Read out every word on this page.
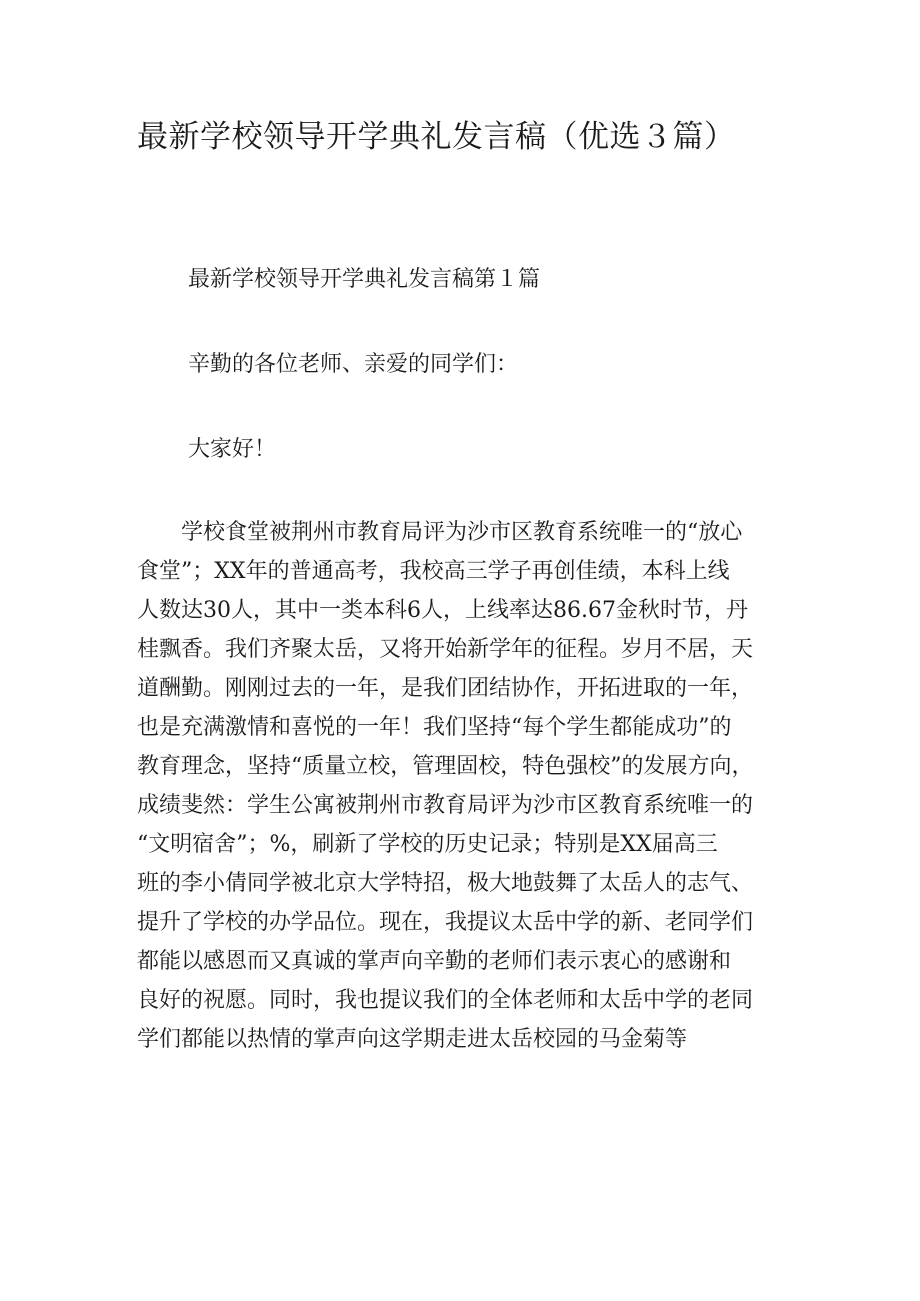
最新学校领导开学典礼发言稿（优选３篇）

最新学校领导开学典礼发言稿第１篇

辛勤的各位老师、亲爱的同学们：

大家好！

　　学校食堂被荆州市教育局评为沙市区教育系统唯一的“放心
食堂”；XX年的普通高考，我校高三学子再创佳绩，本科上线
人数达30人，其中一类本科6人，上线率达86.67金秋时节，丹
桂飘香。我们齐聚太岳，又将开始新学年的征程。岁月不居，天
道酬勤。刚刚过去的一年，是我们团结协作，开拓进取的一年，
也是充满激情和喜悦的一年！我们坚持“每个学生都能成功”的
教育理念，坚持“质量立校，管理固校，特色强校”的发展方向，
成绩斐然：学生公寓被荆州市教育局评为沙市区教育系统唯一的
“文明宿舍”；%，刷新了学校的历史记录；特别是XX届高三
班的李小倩同学被北京大学特招，极大地鼓舞了太岳人的志气、
提升了学校的办学品位。现在，我提议太岳中学的新、老同学们
都能以感恩而又真诚的掌声向辛勤的老师们表示衷心的感谢和
良好的祝愿。同时，我也提议我们的全体老师和太岳中学的老同
学们都能以热情的掌声向这学期走进太岳校园的马金菊等
